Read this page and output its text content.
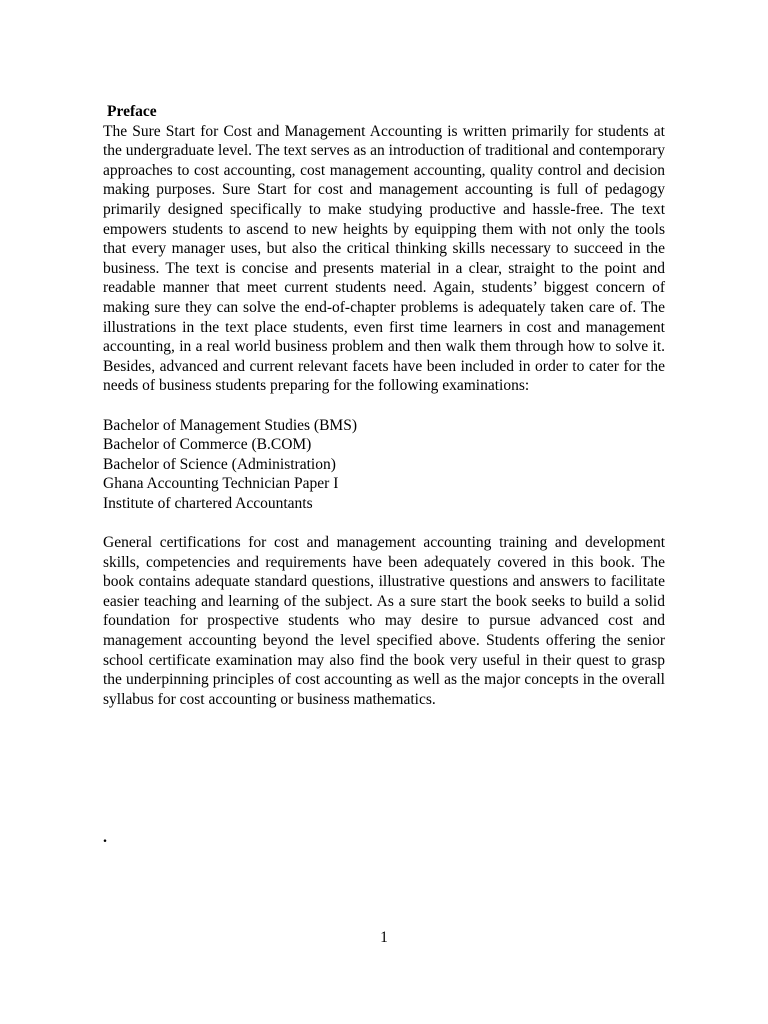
Preface

The Sure Start for Cost and Management Accounting is written primarily for students at the undergraduate level. The text serves as an introduction of traditional and contemporary approaches to cost accounting, cost management accounting, quality control and decision making purposes. Sure Start for cost and management accounting is full of pedagogy primarily designed specifically to make studying productive and hassle-free. The text empowers students to ascend to new heights by equipping them with not only the tools that every manager uses, but also the critical thinking skills necessary to succeed in the business. The text is concise and presents material in a clear, straight to the point and readable manner that meet current students need. Again, students’ biggest concern of making sure they can solve the end-of-chapter problems is adequately taken care of. The illustrations in the text place students, even first time learners in cost and management accounting, in a real world business problem and then walk them through how to solve it. Besides, advanced and current relevant facets have been included in order to cater for the needs of business students preparing for the following examinations:

Bachelor of Management Studies (BMS)
Bachelor of Commerce (B.COM)
Bachelor of Science (Administration)
Ghana Accounting Technician Paper I
Institute of chartered Accountants

General certifications for cost and management accounting training and development skills, competencies and requirements have been adequately covered in this book. The book contains adequate standard questions, illustrative questions and answers to facilitate easier teaching and learning of the subject. As a sure start the book seeks to build a solid foundation for prospective students who may desire to pursue advanced cost and management accounting beyond the level specified above. Students offering the senior school certificate examination may also find the book very useful in their quest to grasp the underpinning principles of cost accounting as well as the major concepts in the overall syllabus for cost accounting or business mathematics.

.
1
